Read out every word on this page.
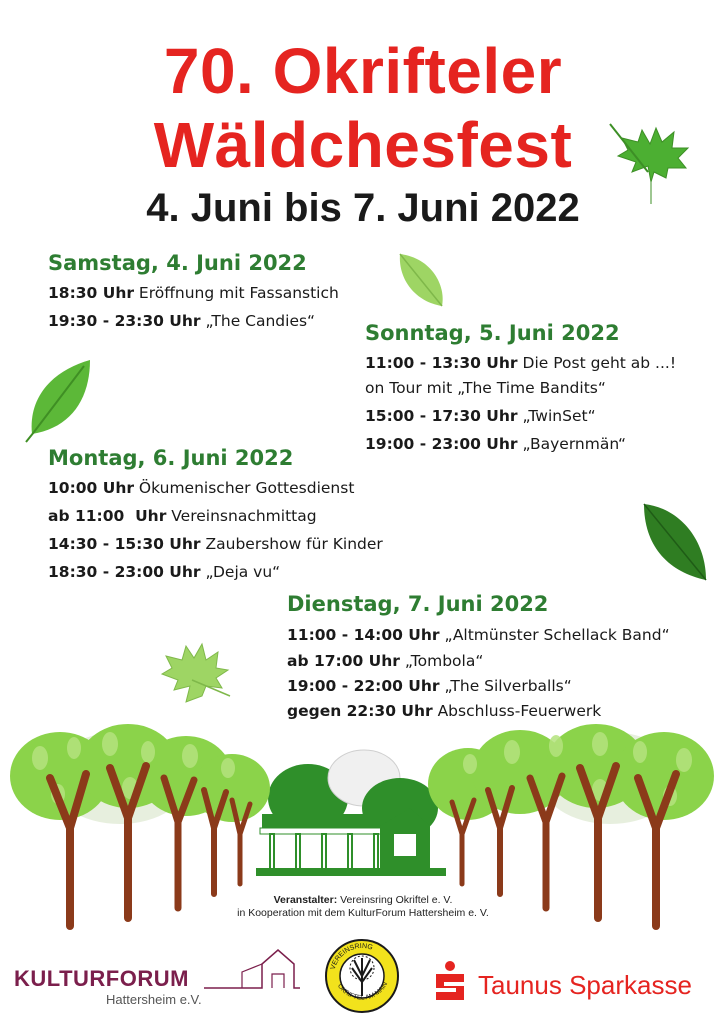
70. Okrifteler
Wäldchesfest
4. Juni bis 7. Juni 2022
Samstag, 4. Juni 2022
18:30 Uhr Eröffnung mit Fassanstich
19:30 - 23:30 Uhr „The Candies“ Sonntag, 5. Juni 2022
11:00 - 13:30 Uhr Die Post geht ab ...!
on Tour mit „The Time Bandits“
15:00 - 17:30 Uhr „TwinSet“
19:00 - 23:00 Uhr „Bayernmän“
Montag, 6. Juni 2022
10:00 Uhr Ökumenischer Gottesdienst
ab 11:00  Uhr Vereinsnachmittag
14:30 - 15:30 Uhr Zaubershow für Kinder
18:30 - 23:00 Uhr „Deja vu“
Dienstag, 7. Juni 2022
11:00 - 14:00 Uhr „Altmünster Schellack Band“
ab 17:00 Uhr „Tombola“
19:00 - 22:00 Uhr „The Silverballs“
gegen 22:30 Uhr Abschluss-Feuerwerk
Veranstalter: Vereinsring Okriftel e. V.
in Kooperation mit dem KulturForum Hattersheim e. V.
KULTURFORUM
Hattersheim e.V.
VEREINSRING
OKRIFTEL AM MAIN	Taunus Sparkasse
